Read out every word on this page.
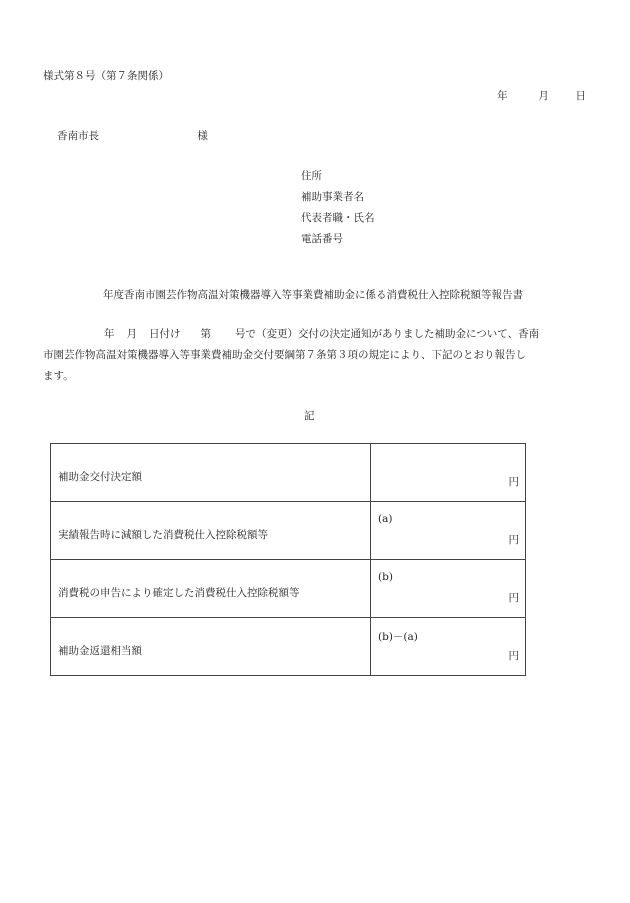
様式第８号（第７条関係）
年	月	日
香南市長	様
住所
補助事業者名
代表者職・氏名
電話番号
年度香南市園芸作物高温対策機器導入等事業費補助金に係る消費税仕入控除税額等報告書
年 月 日付け 第 号で（変更）交付の決定通知がありました補助金について、香南
市園芸作物高温対策機器導入等事業費補助金交付要綱第７条第３項の規定により、下記のとおり報告し
ます。
記
補助金交付決定額	円

実績報告時に減額した消費税仕入控除税額等	(a)
円

消費税の申告により確定した消費税仕入控除税額等	(b)
円

補助金返還相当額	(b)－(a)
円
